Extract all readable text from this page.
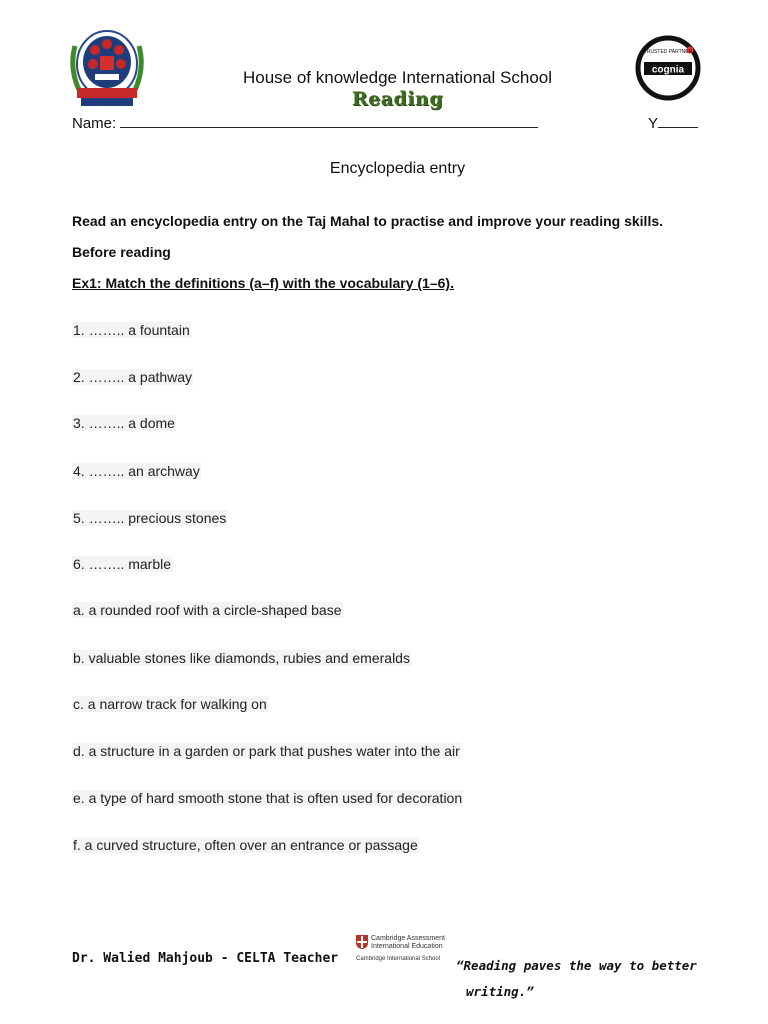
cognia
TRUSTED PARTNER
House of knowledge International School
Reading
Name:	Y
Encyclopedia entry
Read an encyclopedia entry on the Taj Mahal to practise and improve your reading skills.
Before reading
Ex1: Match the definitions (a–f) with the vocabulary (1–6).
1. …….. a fountain
2. …….. a pathway
3. …….. a dome
4. …….. an archway
5. …….. precious stones
6. …….. marble
a. a rounded roof with a circle-shaped base
b. valuable stones like diamonds, rubies and emeralds
c. a narrow track for walking on
d. a structure in a garden or park that pushes water into the air
e. a type of hard smooth stone that is often used for decoration
f. a curved structure, often over an entrance or passage
Dr. Walied Mahjoub - CELTA Teacher
Cambridge Assessment
International Education
Cambridge International School	“Reading paves the way to better
writing.”
